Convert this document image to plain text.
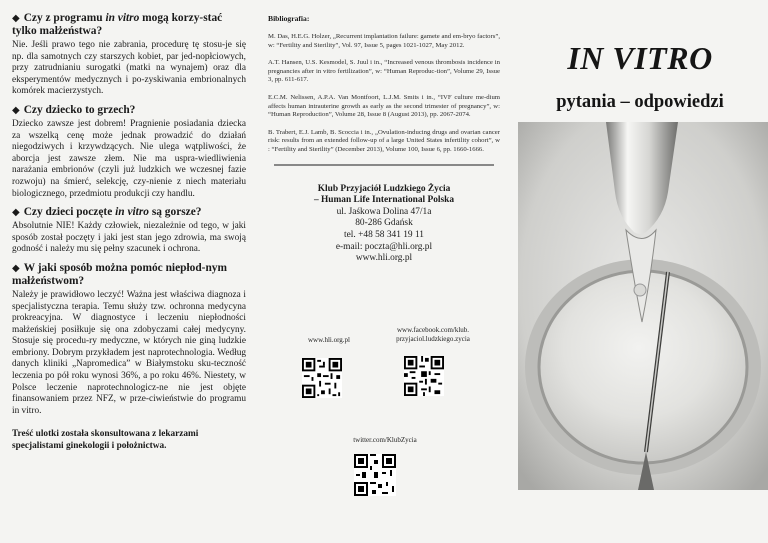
◆ Czy z programu in vitro mogą korzy-stać tylko małżeństwa?

Nie. Jeśli prawo tego nie zabrania, procedurę tę stosu-je się np. dla samotnych czy starszych kobiet, par jed-nopłciowych, przy zatrudnianiu surogatki (matki na wynajem) oraz dla eksperymentów medycznych i po-zyskiwania embrionalnych komórek macierzystych.

◆ Czy dziecko to grzech?

Dziecko zawsze jest dobrem! Pragnienie posiadania dziecka za wszelką cenę może jednak prowadzić do działań niegodziwych i krzywdzących. Nie ulega wątpliwości, że aborcja jest zawsze złem. Nie ma uspra-wiedliwienia narażania embrionów (czyli już ludzkich we wczesnej fazie rozwoju) na śmierć, selekcję, czy-nienie z niech materiału biologicznego, przedmiotu produkcji czy handlu.

◆ Czy dzieci poczęte in vitro są gorsze?

Absolutnie NIE! Każdy człowiek, niezależnie od tego, w jaki sposób został poczęty i jaki jest stan jego zdrowia, ma swoją godność i należy mu się pełny szacunek i ochrona.

◆ W jaki sposób można pomóc niepłod-nym małżeństwom?

Należy je prawidłowo leczyć! Ważna jest właściwa diagnoza i specjalistyczna terapia. Temu służy tzw. ochronna medycyna prokreacyjna. W diagnostyce i leczeniu niepłodności małżeńskiej posiłkuje się ona zdobyczami całej medycyny. Stosuje się procedu-ry medyczne, w których nie giną ludzkie embriony. Dobrym przykładem jest naprotechnologia. Według danych kliniki „Napromedica” w Białymstoku sku-teczność leczenia po pół roku wynosi 36%, a po roku 46%. Niestety, w Polsce leczenie naprotechnologicz-ne nie jest objęte finansowaniem przez NFZ, w prze-ciwieństwie do programu in vitro.

Treść ulotki została skonsultowana z lekarzami specjalistami ginekologii i położnictwa.
Bibliografia:

M. Das, H.E.G. Holzer, „Recurrent implantation failure: gamete and em-bryo factors”, w: “Fertility and Sterility”, Vol. 97, Issue 5, pages 1021-1027, May 2012.

A.T. Hansen, U.S. Kesmodel, S. Juul i in., “Increased venous thrombosis incidence in pregnancies after in vitro fertilization”, w: “Human Reproduc-tion”, Volume 29, Issue 3, pp. 611-617.

E.C.M. Nelissen, A.P.A. Van Montfoort, L.J.M. Smits i in., “IVF culture me-dium affects human intrauterine growth as early as the second trimester of pregnancy”, w: “Human Reproduction”, Volume 28, Issue 8 (August 2013), pp. 2067-2074.

B. Trabert, E.J. Lamb, B. Scoccia i in., „Ovulation-inducing drugs and ovarian cancer risk: results from an extended follow-up of a large United States infertility cohort”, w : “Fertility and Sterility” (December 2013), Volume 100, Issue 6, pp. 1660-1666.

Klub Przyjaciół Ludzkiego Życia
– Human Life International Polska
ul. Jaśkowa Dolina 47/1a
80-286 Gdańsk
tel. +48 58 341 19 11
e-mail: poczta@hli.org.pl
www.hli.org.pl
www.hli.org.pl
www.facebook.com/klub.
przyjaciol.ludzkiego.zycia
twitter.com/KlubZycia
IN VITRO
pytania – odpowiedzi
